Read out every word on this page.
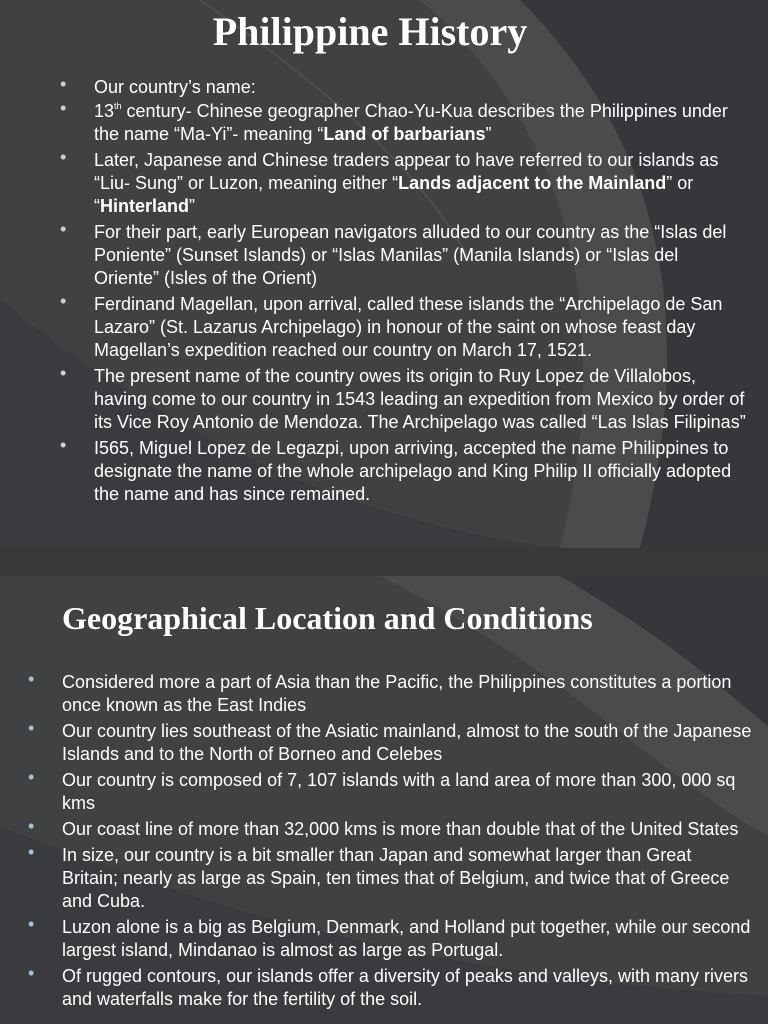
Philippine History
• Our country’s name:
• 13th century- Chinese geographer Chao-Yu-Kua describes the Philippines under the name “Ma-Yi”- meaning “Land of barbarians”
• Later, Japanese and Chinese traders appear to have referred to our islands as “Liu- Sung” or Luzon, meaning either “Lands adjacent to the Mainland” or “Hinterland”
• For their part, early European navigators alluded to our country as the “Islas del Poniente” (Sunset Islands) or “Islas Manilas” (Manila Islands) or “Islas del Oriente” (Isles of the Orient)
• Ferdinand Magellan, upon arrival, called these islands the “Archipelago de San Lazaro” (St. Lazarus Archipelago) in honour of the saint on whose feast day Magellan’s expedition reached our country on March 17, 1521.
• The present name of the country owes its origin to Ruy Lopez de Villalobos, having come to our country in 1543 leading an expedition from Mexico by order of its Vice Roy Antonio de Mendoza. The Archipelago was called “Las Islas Filipinas”
• I565, Miguel Lopez de Legazpi, upon arriving, accepted the name Philippines to designate the name of the whole archipelago and King Philip II officially adopted the name and has since remained.
Geographical Location and Conditions
• Considered more a part of Asia than the Pacific, the Philippines constitutes a portion once known as the East Indies
• Our country lies southeast of the Asiatic mainland, almost to the south of the Japanese Islands and to the North of Borneo and Celebes
• Our country is composed of 7, 107 islands with a land area of more than 300, 000 sq kms
• Our coast line of more than 32,000 kms is more than double that of the United States
• In size, our country is a bit smaller than Japan and somewhat larger than Great Britain; nearly as large as Spain, ten times that of Belgium, and twice that of Greece and Cuba.
• Luzon alone is a big as Belgium, Denmark, and Holland put together, while our second largest island, Mindanao is almost as large as Portugal.
• Of rugged contours, our islands offer a diversity of peaks and valleys, with many rivers and waterfalls make for the fertility of the soil.
